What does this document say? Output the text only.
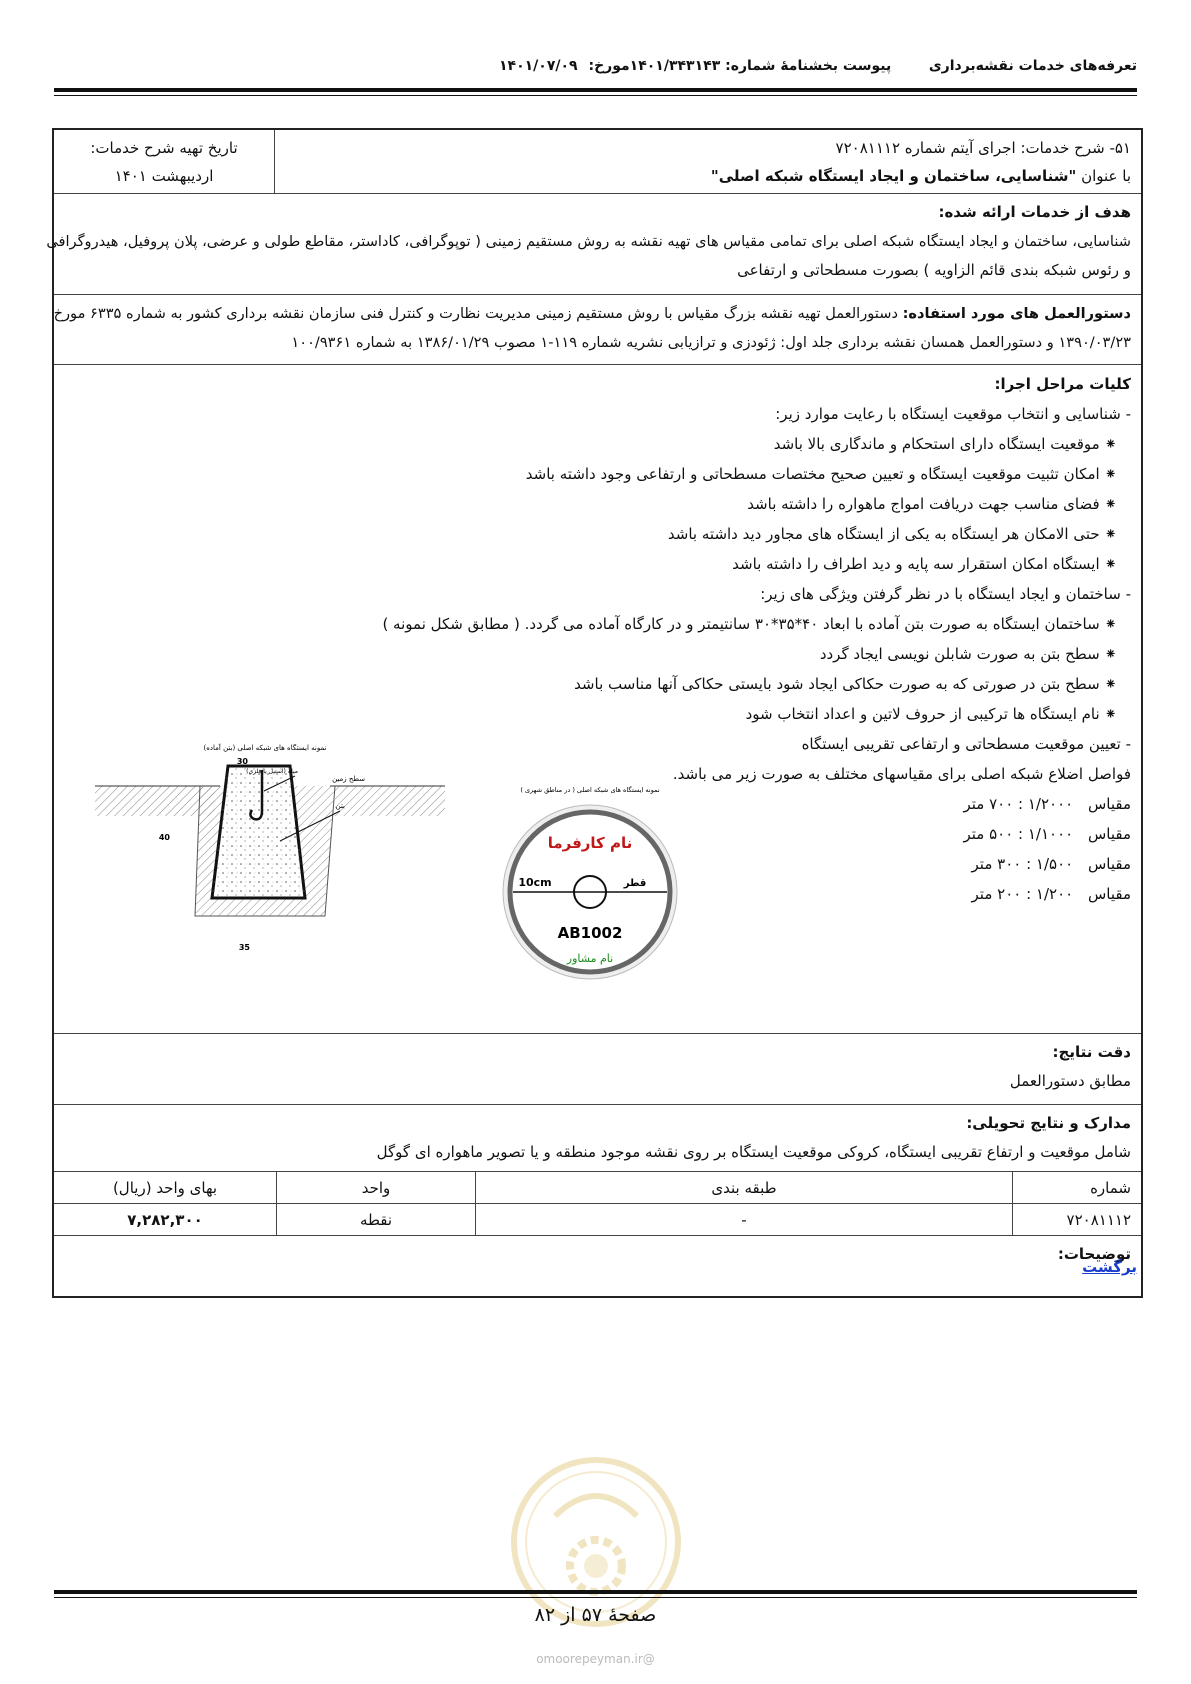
تعرفه‌های خدمات نقشه‌برداری
پیوست بخشنامۀ شماره: ۱۴۰۱/۳۴۳۱۴۳مورخ: ۱۴۰۱/۰۷/۰۹
۵۱- شرح خدمات: اجرای آیتم شماره ۷۲۰۸۱۱۱۲
با عنوان "شناسایی، ساختمان و ایجاد ایستگاه شبکه اصلی"
تاریخ تهیه شرح خدمات:
اردیبهشت ۱۴۰۱
هدف از خدمات ارائه شده:
شناسایی، ساختمان و ایجاد ایستگاه شبکه اصلی برای تمامی مقیاس های تهیه نقشه به روش مستقیم زمینی ( توپوگرافی، کاداستر، مقاطع طولی و عرضی، پلان پروفیل، هیدروگرافی
و رئوس شبکه بندی قائم الزاویه ) بصورت مسطحاتی و ارتفاعی
دستورالعمل های مورد استفاده: دستورالعمل تهیه نقشه بزرگ مقیاس با روش مستقیم زمینی مدیریت نظارت و کنترل فنی سازمان نقشه برداری کشور به شماره ۶۳۳۵ مورخ
۱۳۹۰/۰۳/۲۳ و دستورالعمل همسان نقشه برداری جلد اول: ژئودزی و ترازیابی نشریه شماره ۱۱۹-۱ مصوب ۱۳۸۶/۰۱/۲۹ به شماره ۱۰۰/۹۳۶۱
کلیات مراحل اجرا:
- شناسایی و انتخاب موقعیت ایستگاه با رعایت موارد زیر:
⁕ موقعیت ایستگاه دارای استحکام و ماندگاری بالا باشد
⁕ امکان تثبیت موقعیت ایستگاه و تعیین صحیح مختصات مسطحاتی و ارتفاعی وجود داشته باشد
⁕ فضای مناسب جهت دریافت امواج ماهواره را داشته باشد
⁕ حتی الامکان هر ایستگاه به یکی از ایستگاه های مجاور دید داشته باشد
⁕ ایستگاه امکان استقرار سه پایه و دید اطراف را داشته باشد
- ساختمان و ایجاد ایستگاه با در نظر گرفتن ویژگی های زیر:
⁕ ساختمان ایستگاه به صورت بتن آماده با ابعاد ۴۰*۳۵*۳۰ سانتیمتر و در کارگاه آماده می گردد. ( مطابق شکل نمونه )
⁕ سطح بتن به صورت شابلن نویسی ایجاد گردد
⁕ سطح بتن در صورتی که به صورت حکاکی ایجاد شود بایستی حکاکی آنها مناسب باشد
⁕ نام ایستگاه ها ترکیبی از حروف لاتین و اعداد انتخاب شود
- تعیین موقعیت مسطحاتی و ارتفاعی تقریبی ایستگاه
فواصل اضلاع شبکه اصلی برای مقیاسهای مختلف به صورت زیر می باشد.
مقیاس ۱/۲۰۰۰ : ۷۰۰ متر
مقیاس ۱/۱۰۰۰ : ۵۰۰ متر
مقیاس ۱/۵۰۰ : ۳۰۰ متر
مقیاس ۱/۲۰۰ : ۲۰۰ متر
دقت نتایج:
مطابق دستورالعمل
مدارک و نتایج تحویلی:
شامل موقعیت و ارتفاع تقریبی ایستگاه، کروکی موقعیت ایستگاه بر روی نقشه موجود منطقه و یا تصویر ماهواره ای گوگل
شماره
طبقه بندی
واحد
بهای واحد (ریال)
۷۲۰۸۱۱۱۲
-
نقطه
۷,۲۸۲,۳۰۰
توضیحات:
نمونه ایستگاه های شبکه اصلی (بتن آماده)
میله (استیل یا فلزی)
سطح زمین
بتن
30
40
35
نمونه ایستگاه های شبکه اصلی ( در مناطق شهری )
نام کارفرما
10cm	قطر
AB1002
نام مشاور
برگشت
صفحۀ ۵۷ از ۸۲
@omoorepeyman.ir
